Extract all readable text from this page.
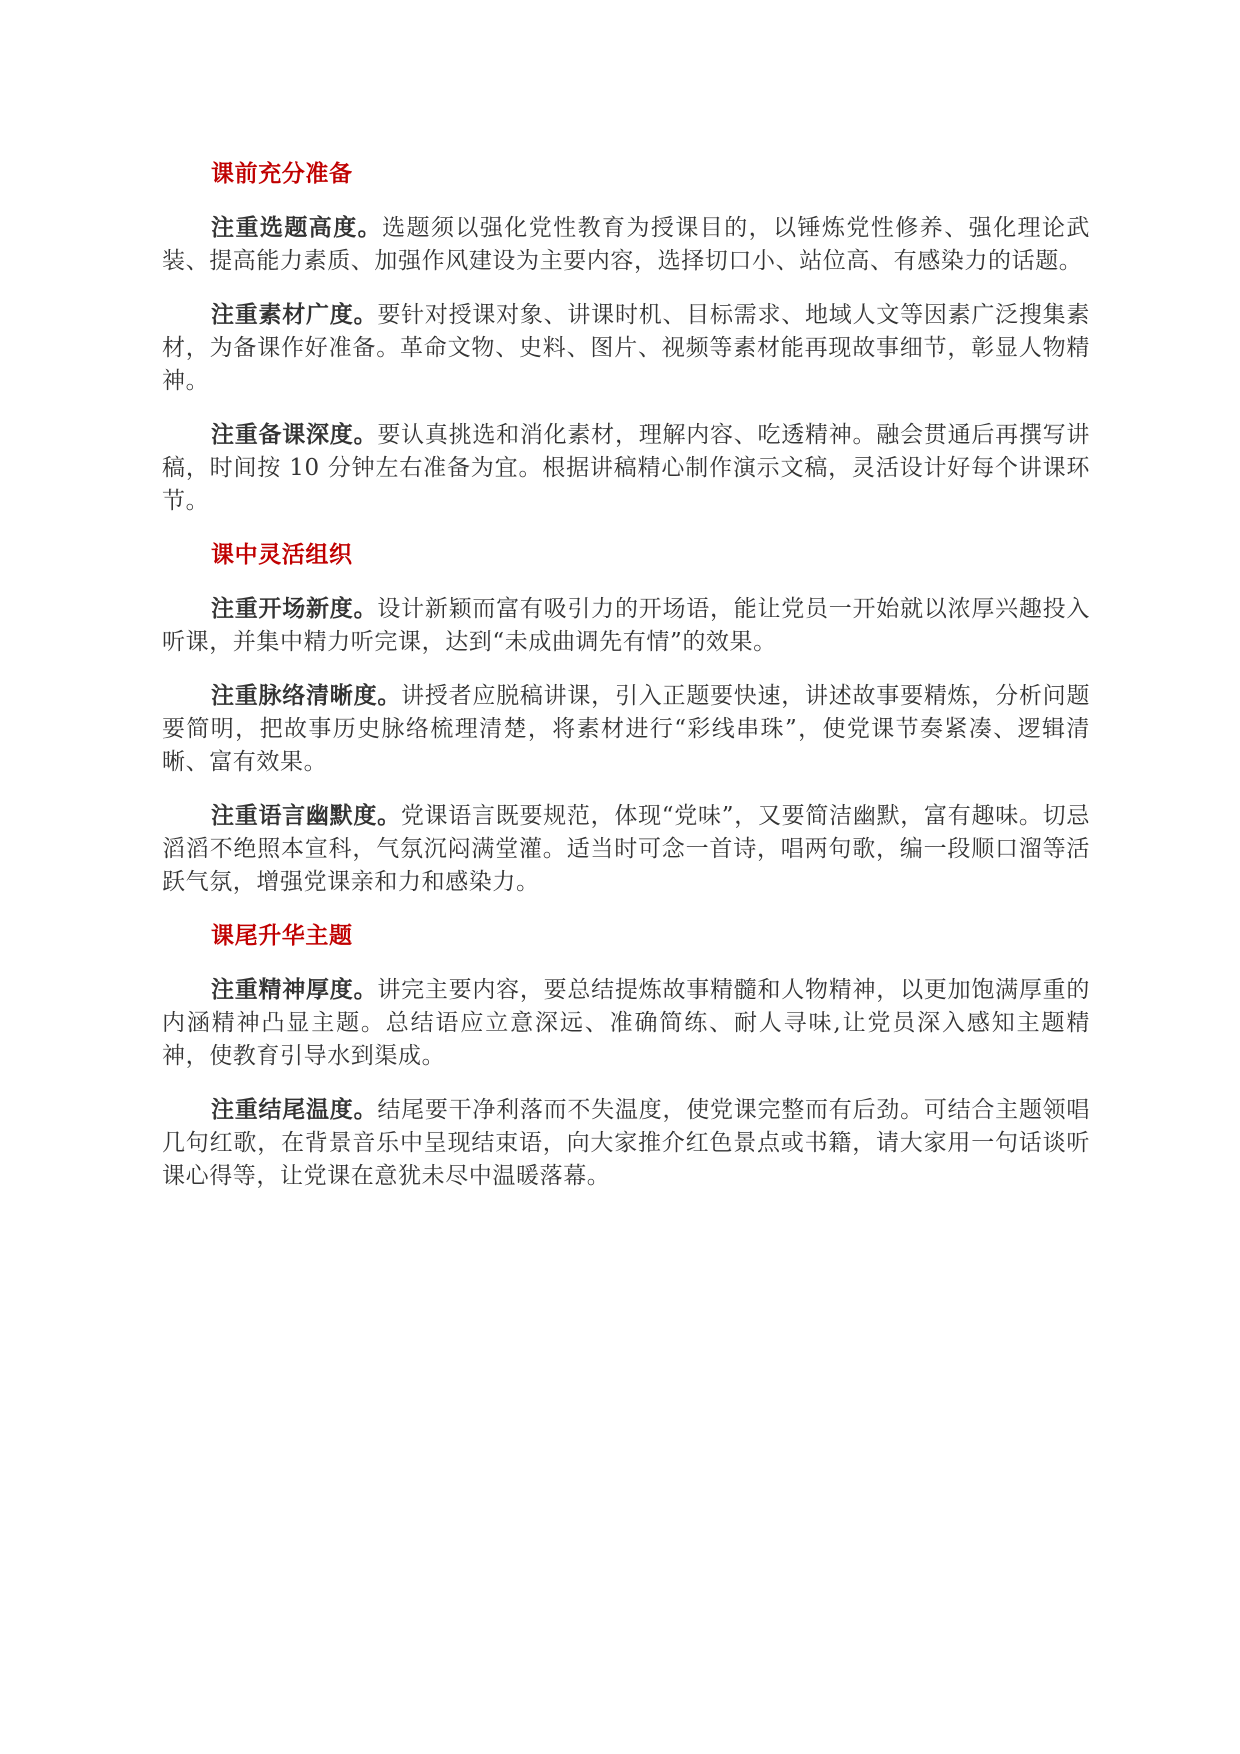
课前充分准备

注重选题高度。选题须以强化党性教育为授课目的，以锤炼党性修养、强化理论武装、提高能力素质、加强作风建设为主要内容，选择切口小、站位高、有感染力的话题。

注重素材广度。要针对授课对象、讲课时机、目标需求、地域人文等因素广泛搜集素材，为备课作好准备。革命文物、史料、图片、视频等素材能再现故事细节，彰显人物精神。

注重备课深度。要认真挑选和消化素材，理解内容、吃透精神。融会贯通后再撰写讲稿，时间按 10 分钟左右准备为宜。根据讲稿精心制作演示文稿，灵活设计好每个讲课环节。

课中灵活组织

注重开场新度。设计新颖而富有吸引力的开场语，能让党员一开始就以浓厚兴趣投入听课，并集中精力听完课，达到“未成曲调先有情”的效果。

注重脉络清晰度。讲授者应脱稿讲课，引入正题要快速，讲述故事要精炼，分析问题要简明，把故事历史脉络梳理清楚，将素材进行“彩线串珠”，使党课节奏紧凑、逻辑清晰、富有效果。

注重语言幽默度。党课语言既要规范，体现“党味”，又要简洁幽默，富有趣味。切忌滔滔不绝照本宣科，气氛沉闷满堂灌。适当时可念一首诗，唱两句歌，编一段顺口溜等活跃气氛，增强党课亲和力和感染力。

课尾升华主题

注重精神厚度。讲完主要内容，要总结提炼故事精髓和人物精神，以更加饱满厚重的内涵精神凸显主题。总结语应立意深远、准确简练、耐人寻味,让党员深入感知主题精神，使教育引导水到渠成。

注重结尾温度。结尾要干净利落而不失温度，使党课完整而有后劲。可结合主题领唱几句红歌，在背景音乐中呈现结束语，向大家推介红色景点或书籍，请大家用一句话谈听课心得等，让党课在意犹未尽中温暖落幕。
